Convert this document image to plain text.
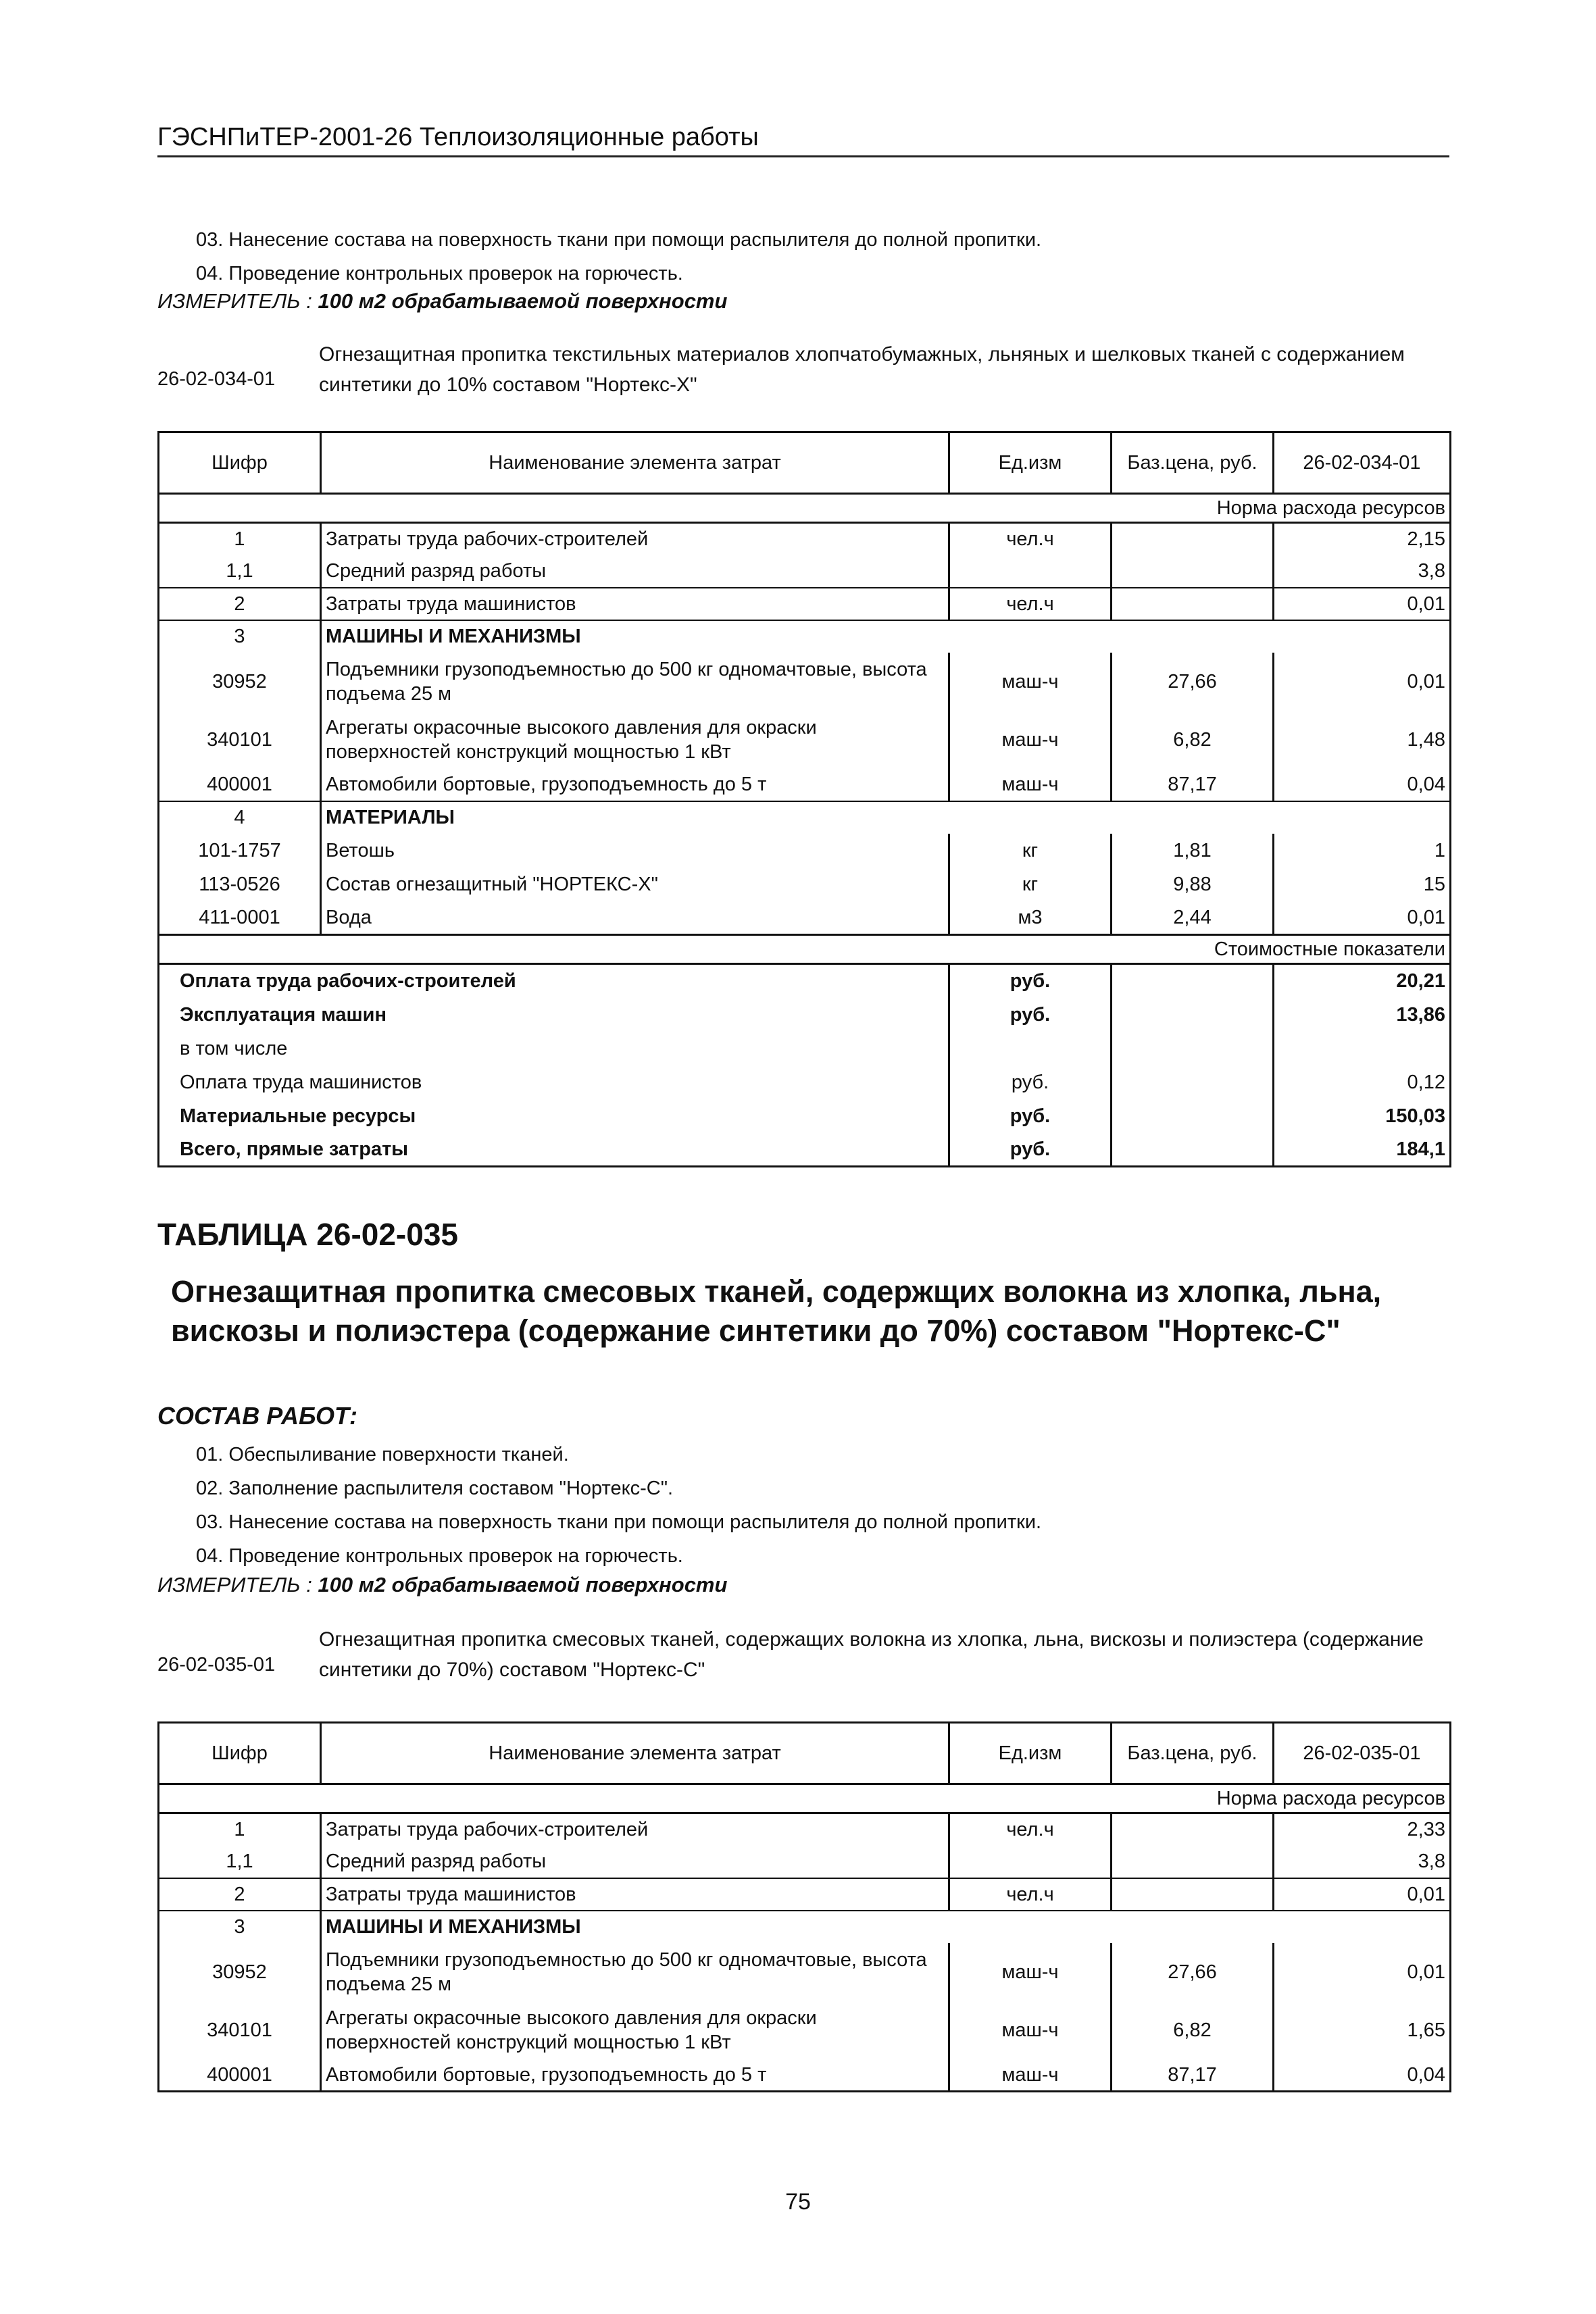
ГЭСНПиТЕР-2001-26 Теплоизоляционные работы
03. Нанесение состава на поверхность ткани при помощи распылителя до полной пропитки.
04. Проведение контрольных проверок на горючесть.
ИЗМЕРИТЕЛЬ : 100 м2 обрабатываемой поверхности
26-02-034-01
Огнезащитная пропитка текстильных материалов хлопчатобумажных, льняных и шелковых тканей с содержанием синтетики до 10% составом "Нортекс-Х"
Шифр	Наименование элемента затрат	Ед.изм	Баз.цена, руб.	26-02-034-01
Норма расхода ресурсов				
1	Затраты труда рабочих-строителей	чел.ч		2,15
1,1	Средний разряд работы			3,8
2	Затраты труда машинистов	чел.ч		0,01
3	МАШИНЫ И МЕХАНИЗМЫ			
30952	Подъемники грузоподъемностью до 500 кг одномачтовые, высота подъема 25 м	маш-ч	27,66	0,01
340101	Агрегаты окрасочные высокого давления для окраски поверхностей конструкций мощностью 1 кВт	маш-ч	6,82	1,48
400001	Автомобили бортовые, грузоподъемность до 5 т	маш-ч	87,17	0,04
4	МАТЕРИАЛЫ			
101-1757	Ветошь	кг	1,81	1
113-0526	Состав огнезащитный "НОРТЕКС-Х"	кг	9,88	15
411-0001	Вода	м3	2,44	0,01
Стоимостные показатели				
Оплата труда рабочих-строителей		руб.		20,21
Эксплуатация машин		руб.		13,86
в том числе				
Оплата труда машинистов		руб.		0,12
Материальные ресурсы		руб.		150,03
Всего, прямые затраты		руб.		184,1
ТАБЛИЦА 26-02-035
Огнезащитная пропитка смесовых тканей, содержщих волокна из хлопка, льна, вискозы и полиэстера (содержание синтетики до 70%) составом "Нортекс-С"
СОСТАВ РАБОТ:
01. Обеспыливание поверхности тканей.
02. Заполнение распылителя составом "Нортекс-С".
03. Нанесение состава на поверхность ткани при помощи распылителя до полной пропитки.
04. Проведение контрольных проверок на горючесть.
ИЗМЕРИТЕЛЬ : 100 м2 обрабатываемой поверхности
26-02-035-01
Огнезащитная пропитка смесовых тканей, содержащих волокна из хлопка, льна, вискозы и полиэстера (содержание синтетики до 70%) составом "Нортекс-С"
Шифр	Наименование элемента затрат	Ед.изм	Баз.цена, руб.	26-02-035-01
Норма расхода ресурсов				
1	Затраты труда рабочих-строителей	чел.ч		2,33
1,1	Средний разряд работы			3,8
2	Затраты труда машинистов	чел.ч		0,01
3	МАШИНЫ И МЕХАНИЗМЫ			
30952	Подъемники грузоподъемностью до 500 кг одномачтовые, высота подъема 25 м	маш-ч	27,66	0,01
340101	Агрегаты окрасочные высокого давления для окраски поверхностей конструкций мощностью 1 кВт	маш-ч	6,82	1,65
400001	Автомобили бортовые, грузоподъемность до 5 т	маш-ч	87,17	0,04
75
